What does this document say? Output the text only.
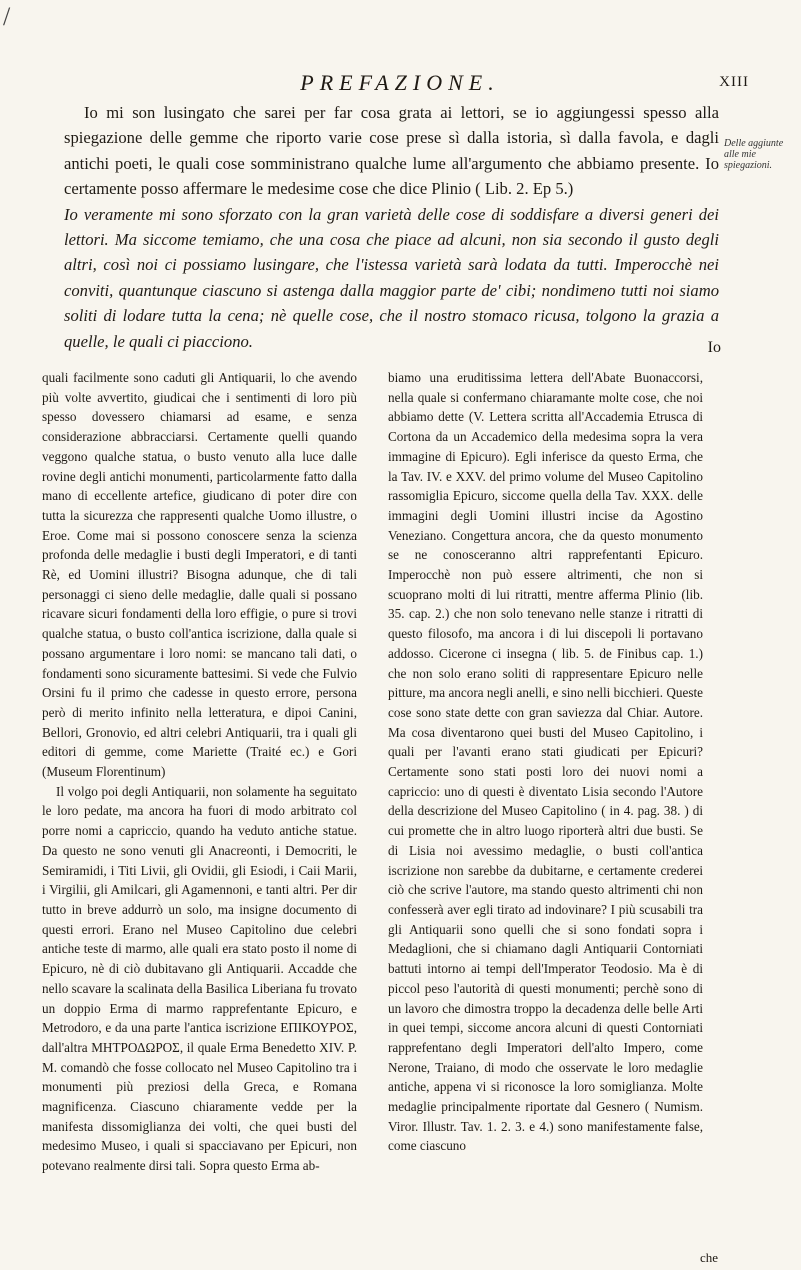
/
PREFAZIONE.	XIII

Io mi son lusingato che sarei per far cosa grata ai lettori, se io aggiungessi spesso alla spiegazione delle gemme che riporto varie cose prese sì dalla istoria, sì dalla favola, e dagli antichi poeti, le quali cose somministrano qualche lume all'argumento che abbiamo presente. Io certamente posso affermare le medesime cose che dice Plinio ( Lib. 2. Ep 5.)

Io veramente mi sono sforzato con la gran varietà delle cose di soddisfare a diversi generi dei lettori. Ma siccome temiamo, che una cosa che piace ad alcuni, non sia secondo il gusto degli altri, così noi ci possiamo lusingare, che l'istessa varietà sarà lodata da tutti. Imperocchè nei conviti, quantunque ciascuno si astenga dalla maggior parte de' cibi; nondimeno tutti noi siamo soliti di lodare tutta la cena; nè quelle cose, che il nostro stomaco ricusa, tolgono la grazia a quelle, le quali ci piacciono.	Io
Delle aggiunte alle mie spiegazioni.

quali facilmente sono caduti gli Antiquarii, lo che avendo più volte avvertito, giudicai che i sentimenti di loro più spesso dovessero chiamarsi ad esame, e senza considerazione abbracciarsi. Certamente quelli quando veggono qualche statua, o busto venuto alla luce dalle rovine degli antichi monumenti, particolarmente fatto dalla mano di eccellente artefice, giudicano di poter dire con tutta la sicurezza che rappresenti qualche Uomo illustre, o Eroe. Come mai si possono conoscere senza la scienza profonda delle medaglie i busti degli Imperatori, e di tanti Rè, ed Uomini illustri? Bisogna adunque, che di tali personaggi ci sieno delle medaglie, dalle quali si possano ricavare sicuri fondamenti della loro effigie, o pure si trovi qualche statua, o busto coll'antica iscrizione, dalla quale si possano argumentare i loro nomi: se mancano tali dati, o fondamenti sono sicuramente battesimi. Si vede che Fulvio Orsini fu il primo che cadesse in questo errore, persona però di merito infinito nella letteratura, e dipoi Canini, Bellori, Gronovio, ed altri celebri Antiquarii, tra i quali gli editori di gemme, come Mariette (Traité ec.) e Gori (Museum Florentinum)

Il volgo poi degli Antiquarii, non solamente ha seguitato le loro pedate, ma ancora ha fuori di modo arbitrato col porre nomi a capriccio, quando ha veduto antiche statue. Da questo ne sono venuti gli Anacreonti, i Democriti, le Semiramidi, i Titi Livii, gli Ovidii, gli Esiodi, i Caii Marii, i Virgilii, gli Amilcari, gli Agamennoni, e tanti altri. Per dir tutto in breve addurrò un solo, ma insigne documento di questi errori. Erano nel Museo Capitolino due celebri antiche teste di marmo, alle quali era stato posto il nome di Epicuro, nè di ciò dubitavano gli Antiquarii. Accadde che nello scavare la scalinata della Basilica Liberiana fu trovato un doppio Erma di marmo rapprefentante Epicuro, e Metrodoro, e da una parte l'antica iscrizione ΕΠΙΚΟΥΡΟΣ, dall'altra ΜΗΤΡΟΔΩΡΟΣ, il quale Erma Benedetto XIV. P. M. comandò che fosse collocato nel Museo Capitolino tra i monumenti più preziosi della Greca, e Romana magnificenza. Ciascuno chiaramente vedde per la manifesta dissomiglianza dei volti, che quei busti del medesimo Museo, i quali si spacciavano per Epicuri, non potevano realmente dirsi tali. Sopra questo Erma ab-

biamo una eruditissima lettera dell'Abate Buonaccorsi, nella quale si confermano chiaramante molte cose, che noi abbiamo dette (V. Lettera scritta all'Accademia Etrusca di Cortona da un Accademico della medesima sopra la vera immagine di Epicuro). Egli inferisce da questo Erma, che la Tav. IV. e XXV. del primo volume del Museo Capitolino rassomiglia Epicuro, siccome quella della Tav. XXX. delle immagini degli Uomini illustri incise da Agostino Veneziano. Congettura ancora, che da questo monumento se ne conosceranno altri rapprefentanti Epicuro. Imperocchè non può essere altrimenti, che non si scuoprano molti di lui ritratti, mentre afferma Plinio (lib. 35. cap. 2.) che non solo tenevano nelle stanze i ritratti di questo filosofo, ma ancora i di lui discepoli li portavano addosso. Cicerone ci insegna ( lib. 5. de Finibus cap. 1.) che non solo erano soliti di rappresentare Epicuro nelle pitture, ma ancora negli anelli, e sino nelli bicchieri. Queste cose sono state dette con gran saviezza dal Chiar. Autore. Ma cosa diventarono quei busti del Museo Capitolino, i quali per l'avanti erano stati giudicati per Epicuri? Certamente sono stati posti loro dei nuovi nomi a capriccio: uno di questi è diventato Lisia secondo l'Autore della descrizione del Museo Capitolino ( in 4. pag. 38. ) di cui promette che in altro luogo riporterà altri due busti. Se di Lisia noi avessimo medaglie, o busti coll'antica iscrizione non sarebbe da dubitarne, e certamente crederei ciò che scrive l'autore, ma stando questo altrimenti chi non confesserà aver egli tirato ad indovinare? I più scusabili tra gli Antiquarii sono quelli che si sono fondati sopra i Medaglioni, che si chiamano dagli Antiquarii Contorniati battuti intorno ai tempi dell'Imperator Teodosio. Ma è di piccol peso l'autorità di questi monumenti; perchè sono di un lavoro che dimostra troppo la decadenza delle belle Arti in quei tempi, siccome ancora alcuni di questi Contorniati rapprefentano degli Imperatori dell'alto Impero, come Nerone, Traiano, di modo che osservate le loro medaglie antiche, appena vi si riconosce la loro somiglianza. Molte medaglie principalmente riportate dal Gesnero ( Numism. Viror. Illustr. Tav. 1. 2. 3. e 4.) sono manifestamente false, come ciascuno

che
